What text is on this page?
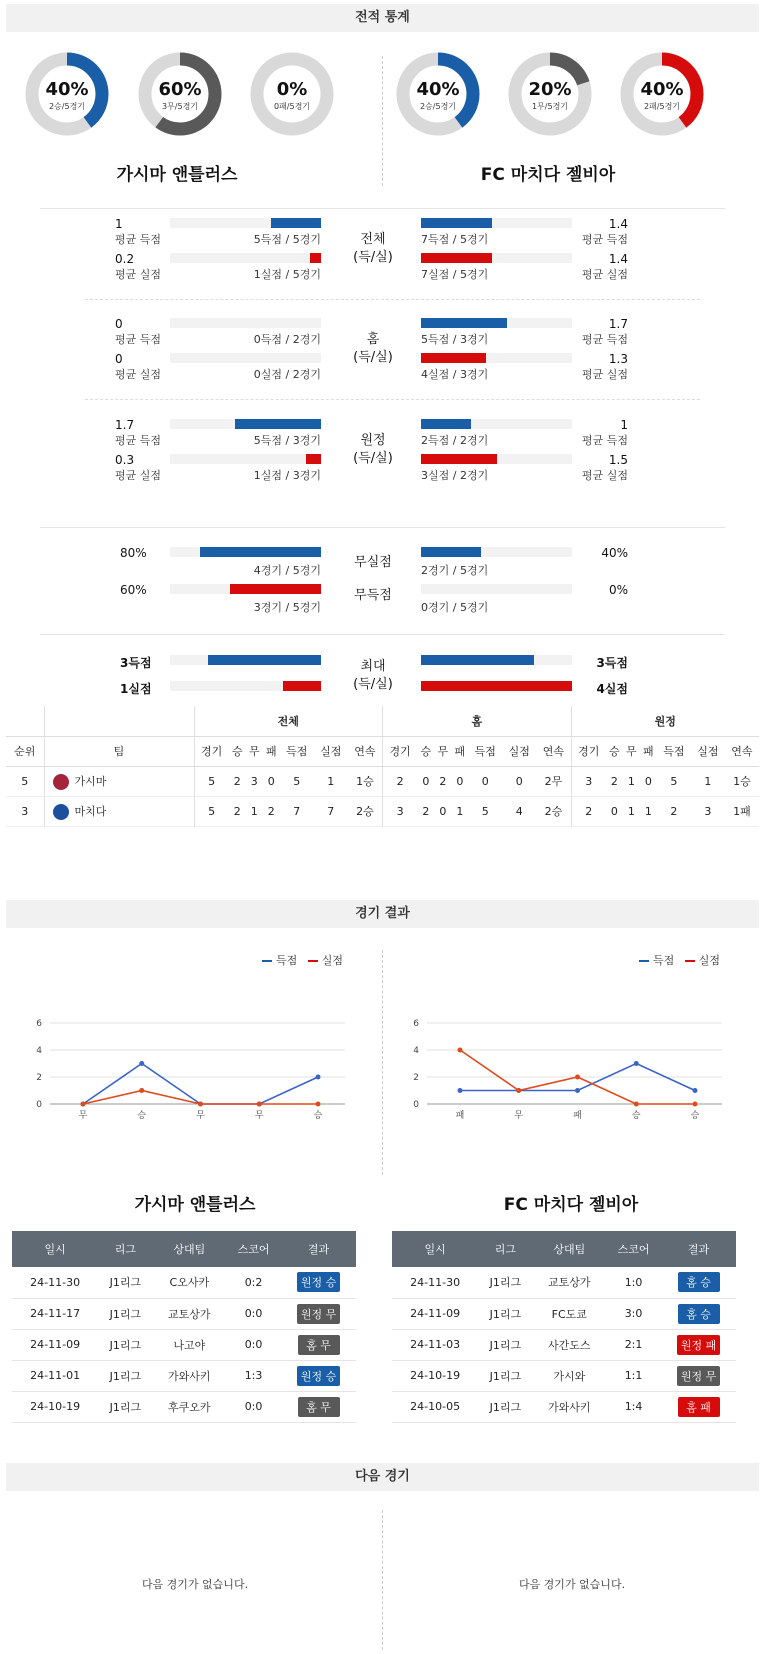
전적 통계
40%
2승/5경기
60%
3무/5경기
0%
0패/5경기
40%
2승/5경기
20%
1무/5경기
40%
2패/5경기
가시마 앤틀러스	FC 마치다 젤비아
1
평균 득점	5득점 / 5경기
0.2
평균 실점	1실점 / 5경기
전체
(득/실)
7득점 / 5경기
1.4
평균 득점
7실점 / 5경기
1.4
평균 실점
0
평균 득점	0득점 / 2경기
0
평균 실점	0실점 / 2경기
홈
(득/실)
5득점 / 3경기
1.7
평균 득점
4실점 / 3경기
1.3
평균 실점
1.7
평균 득점	5득점 / 3경기
0.3
평균 실점	1실점 / 3경기
원정
(득/실)
2득점 / 2경기
1
평균 득점
3실점 / 2경기
1.5
평균 실점
80%
4경기 / 5경기
60%
3경기 / 5경기
무실점
무득점
2경기 / 5경기
40%
0경기 / 5경기
0%
3득점
1실점
최대
(득/실)
3득점
4실점
		전체							홈							원정						
순위	팀	경기	승	무	패	득점	실점	연속	경기	승	무	패	득점	실점	연속	경기	승	무	패	득점	실점	연속
5	가시마	5	2	3	0	5	1	1승	2	0	2	0	0	0	2무	3	2	1	0	5	1	1승
3	마치다	5	2	1	2	7	7	2승	3	2	0	1	5	4	2승	2	0	1	1	2	3	1패
경기 결과
득점 실점	득점 실점
0
2
4
6
무	승	무	무	승
0
2
4
6
패	무	패	승	승
가시마 앤틀러스	FC 마치다 젤비아
일시	리그	상대팀	스코어	결과
24-11-30	J1리그	C오사카	0:2	원정 승
24-11-17	J1리그	교토상가	0:0	원정 무
24-11-09	J1리그	나고야	0:0	홈 무
24-11-01	J1리그	가와사키	1:3	원정 승
24-10-19	J1리그	후쿠오카	0:0	홈 무
일시	리그	상대팀	스코어	결과
24-11-30	J1리그	교토상가	1:0	홈 승
24-11-09	J1리그	FC도쿄	3:0	홈 승
24-11-03	J1리그	사간도스	2:1	원정 패
24-10-19	J1리그	가시와	1:1	원정 무
24-10-05	J1리그	가와사키	1:4	홈 패
다음 경기
다음 경기가 없습니다.	다음 경기가 없습니다.
